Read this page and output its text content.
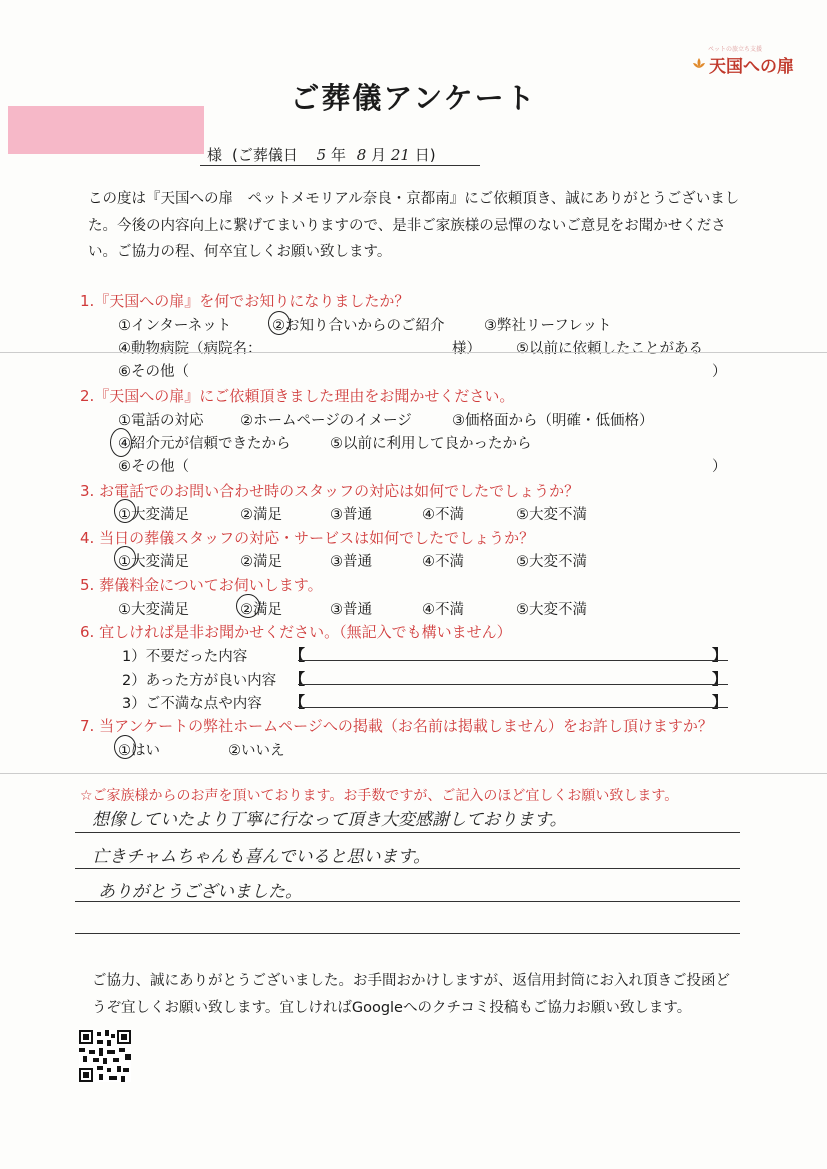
ペットの旅立ち支援
天国への扉
ご葬儀アンケート
様 (ご葬儀日 5 年 8 月 21 日)
この度は『天国への扉　ペットメモリアル奈良・京都南』にご依頼頂き、誠にありがとうございました。今後の内容向上に繋げてまいりますので、是非ご家族様の忌憚のないご意見をお聞かせください。ご協力の程、何卒宜しくお願い致します。
1.『天国への扉』を何でお知りになりましたか？
①インターネット	②お知り合いからのご紹介	③弊社リーフレット
④動物病院（病院名：	様） ⑤以前に依頼したことがある
⑥その他（	）
2.『天国への扉』にご依頼頂きました理由をお聞かせください。
①電話の対応	②ホームページのイメージ	③価格面から（明確・低価格）
④紹介元が信頼できたから	⑤以前に利用して良かったから
⑥その他（	）
3. お電話でのお問い合わせ時のスタッフの対応は如何でしたでしょうか？
①大変満足	②満足	③普通	④不満	⑤大変不満
4. 当日の葬儀スタッフの対応・サービスは如何でしたでしょうか？
①大変満足	②満足	③普通	④不満	⑤大変不満
5. 葬儀料金についてお伺いします。
①大変満足	②満足	③普通	④不満	⑤大変不満
6. 宜しければ是非お聞かせください。（無記入でも構いません）
1）不要だった内容	【	】
2）あった方が良い内容 【	】
3）ご不満な点や内容 【	】
7. 当アンケートの弊社ホームページへの掲載（お名前は掲載しません）をお許し頂けますか？
①はい	②いいえ
☆ご家族様からのお声を頂いております。お手数ですが、ご記入のほど宜しくお願い致します。
想像していたより丁寧に行なって頂き大変感謝しております。
亡きチャムちゃんも喜んでいると思います。
ありがとうございました。
ご協力、誠にありがとうございました。お手間おかけしますが、返信用封筒にお入れ頂きご投函どうぞ宜しくお願い致します。宜しければGoogleへのクチコミ投稿もご協力お願い致します。
